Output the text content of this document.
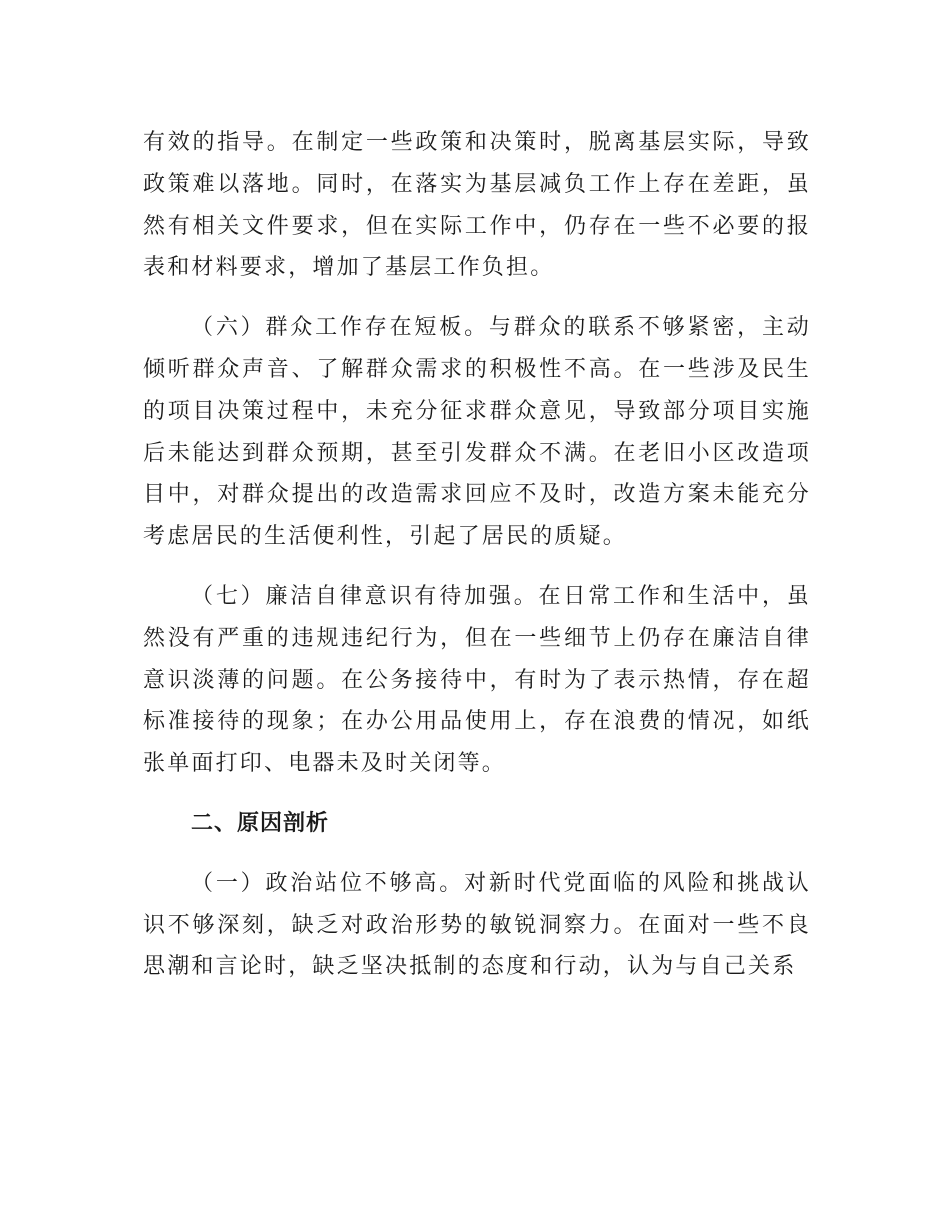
有效的指导。在制定一些政策和决策时，脱离基层实际，导致政策难以落地。同时，在落实为基层减负工作上存在差距，虽然有相关文件要求，但在实际工作中，仍存在一些不必要的报表和材料要求，增加了基层工作负担。

（六）群众工作存在短板。与群众的联系不够紧密，主动倾听群众声音、了解群众需求的积极性不高。在一些涉及民生的项目决策过程中，未充分征求群众意见，导致部分项目实施后未能达到群众预期，甚至引发群众不满。在老旧小区改造项目中，对群众提出的改造需求回应不及时，改造方案未能充分考虑居民的生活便利性，引起了居民的质疑。

（七）廉洁自律意识有待加强。在日常工作和生活中，虽然没有严重的违规违纪行为，但在一些细节上仍存在廉洁自律意识淡薄的问题。在公务接待中，有时为了表示热情，存在超标准接待的现象；在办公用品使用上，存在浪费的情况，如纸张单面打印、电器未及时关闭等。

二、原因剖析

（一）政治站位不够高。对新时代党面临的风险和挑战认识不够深刻，缺乏对政治形势的敏锐洞察力。在面对一些不良思潮和言论时，缺乏坚决抵制的态度和行动，认为与自己关系
